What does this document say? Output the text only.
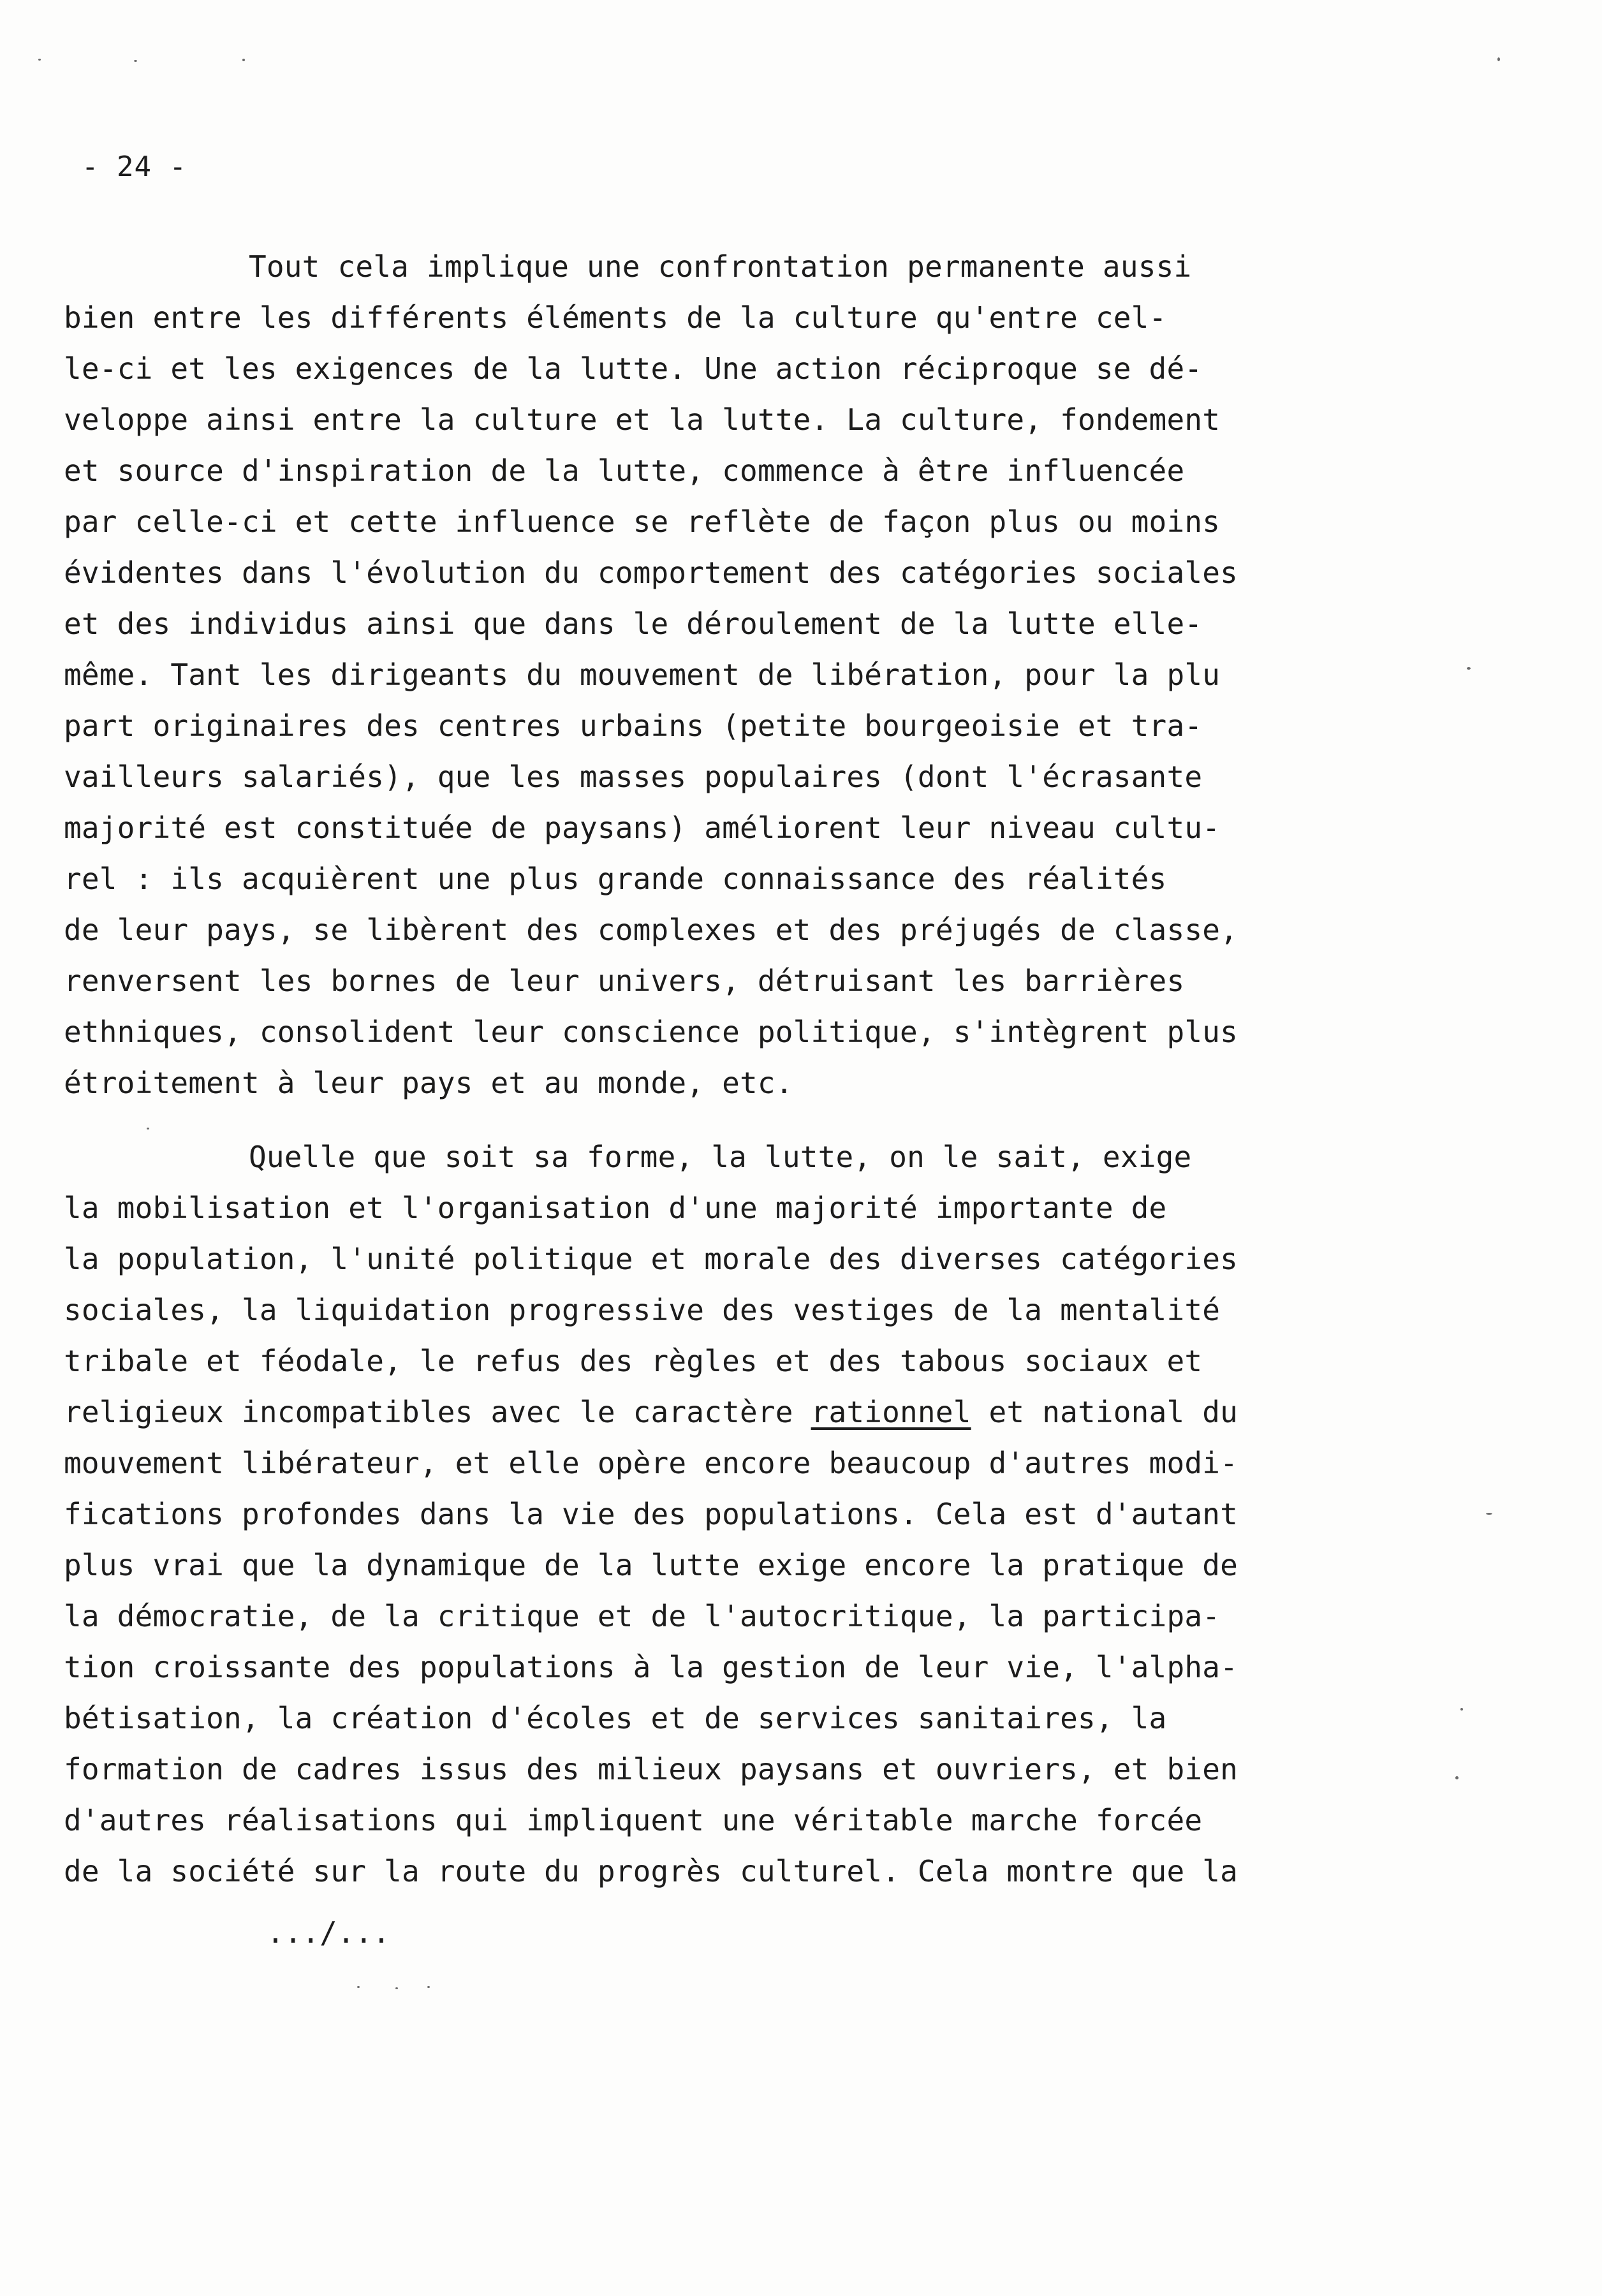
- 24 -
Tout cela implique une confrontation permanente aussi
bien entre les différents éléments de la culture qu'entre cel-
le-ci et les exigences de la lutte. Une action réciproque se dé-
veloppe ainsi entre la culture et la lutte. La culture, fondement
et source d'inspiration de la lutte, commence à être influencée
par celle-ci et cette influence se reflète de façon plus ou moins
évidentes dans l'évolution du comportement des catégories sociales
et des individus ainsi que dans le déroulement de la lutte elle-
même. Tant les dirigeants du mouvement de libération, pour la plu
part originaires des centres urbains (petite bourgeoisie et tra-
vailleurs salariés), que les masses populaires (dont l'écrasante
majorité est constituée de paysans) améliorent leur niveau cultu-
rel : ils acquièrent une plus grande connaissance des réalités
de leur pays, se libèrent des complexes et des préjugés de classe,
renversent les bornes de leur univers, détruisant les barrières
ethniques, consolident leur conscience politique, s'intègrent plus
étroitement à leur pays et au monde, etc.
Quelle que soit sa forme, la lutte, on le sait, exige
la mobilisation et l'organisation d'une majorité importante de
la population, l'unité politique et morale des diverses catégories
sociales, la liquidation progressive des vestiges de la mentalité
tribale et féodale, le refus des règles et des tabous sociaux et
religieux incompatibles avec le caractère rationnel et national du
mouvement libérateur, et elle opère encore beaucoup d'autres modi-
fications profondes dans la vie des populations. Cela est d'autant
plus vrai que la dynamique de la lutte exige encore la pratique de
la démocratie, de la critique et de l'autocritique, la participa-
tion croissante des populations à la gestion de leur vie, l'alpha-
bétisation, la création d'écoles et de services sanitaires, la
formation de cadres issus des milieux paysans et ouvriers, et bien
d'autres réalisations qui impliquent une véritable marche forcée
de la société sur la route du progrès culturel. Cela montre que la
.../...
